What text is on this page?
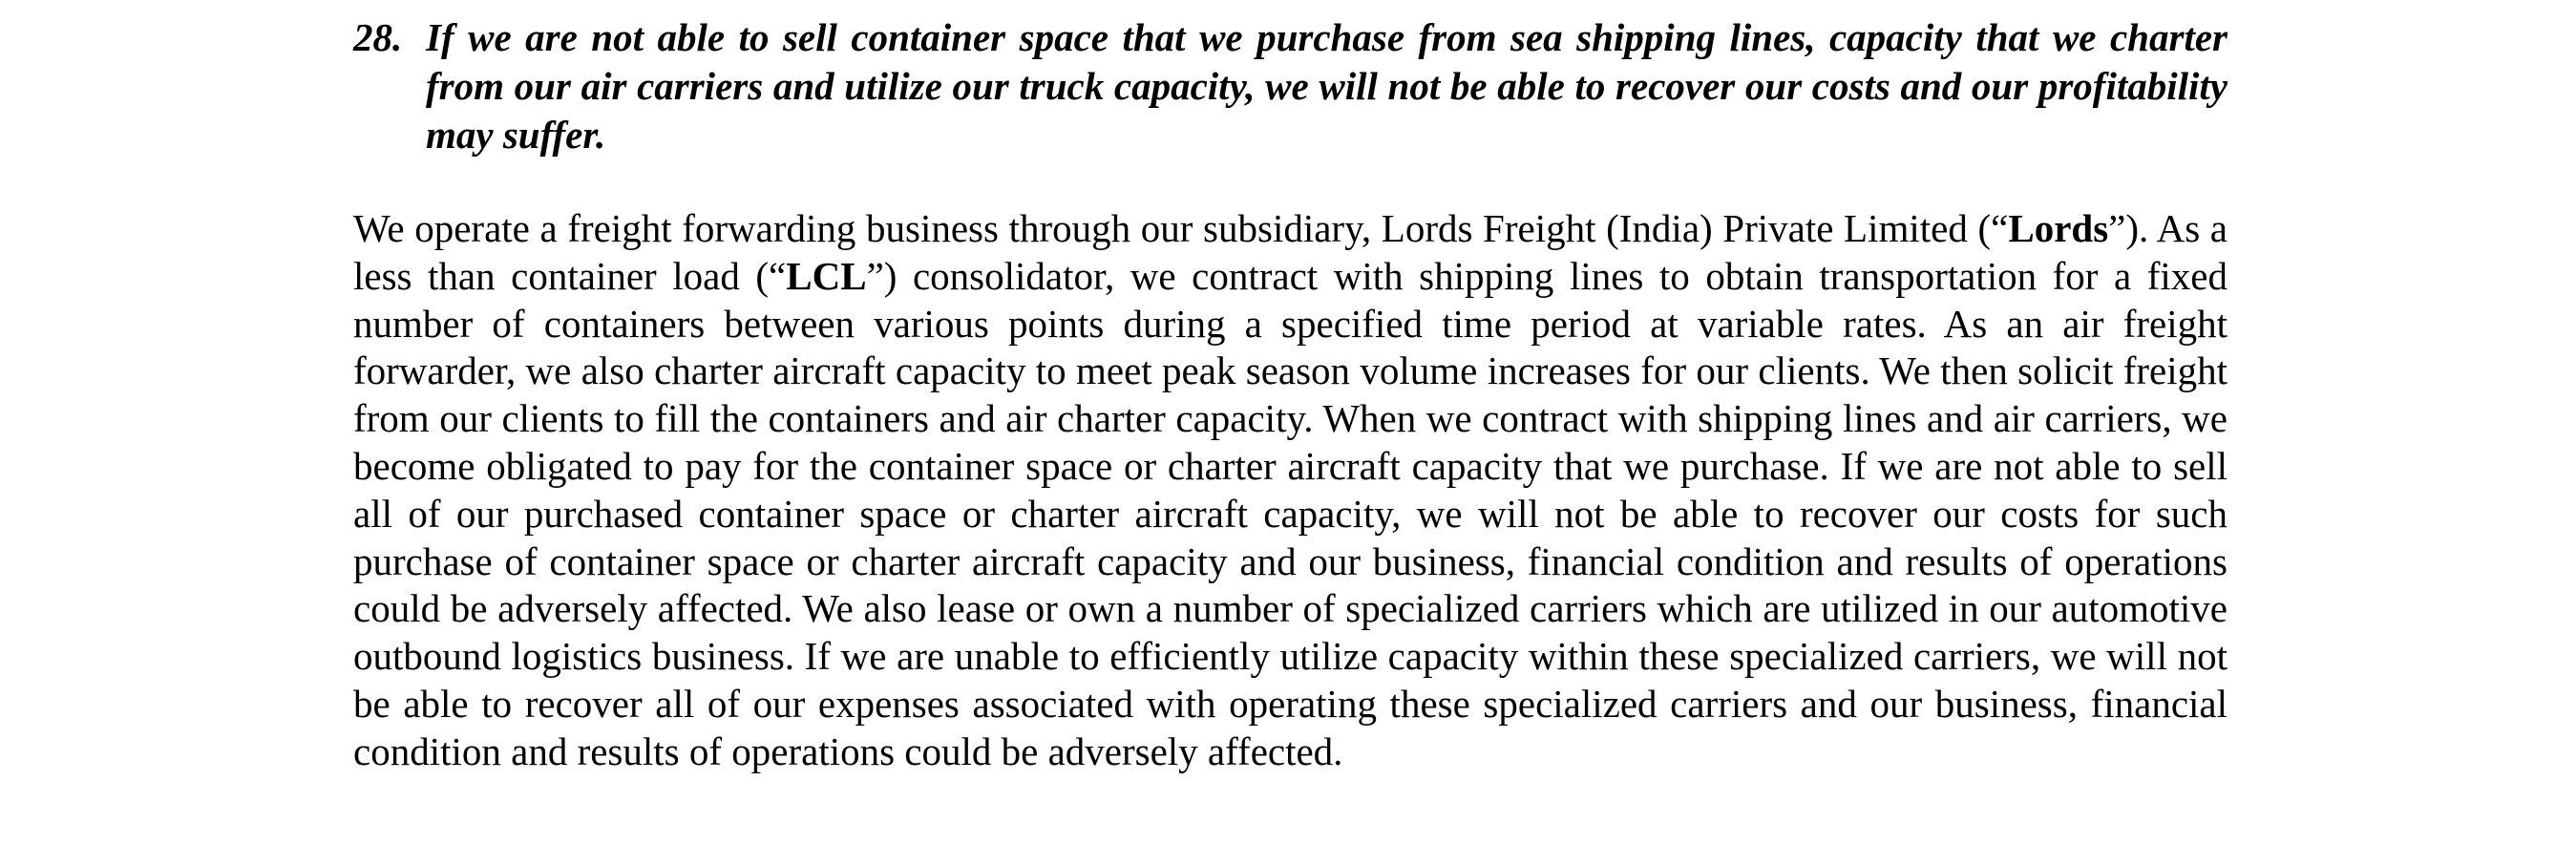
28. If we are not able to sell container space that we purchase from sea shipping lines, capacity that we charter from our air carriers and utilize our truck capacity, we will not be able to recover our costs and our profitability may suffer.

We operate a freight forwarding business through our subsidiary, Lords Freight (India) Private Limited (“Lords”). As a less than container load (“LCL”) consolidator, we contract with shipping lines to obtain transportation for a fixed number of containers between various points during a specified time period at variable rates. As an air freight forwarder, we also charter aircraft capacity to meet peak season volume increases for our clients. We then solicit freight from our clients to fill the containers and air charter capacity. When we contract with shipping lines and air carriers, we become obligated to pay for the container space or charter aircraft capacity that we purchase. If we are not able to sell all of our purchased container space or charter aircraft capacity, we will not be able to recover our costs for such purchase of container space or charter aircraft capacity and our business, financial condition and results of operations could be adversely affected. We also lease or own a number of specialized carriers which are utilized in our automotive outbound logistics business. If we are unable to efficiently utilize capacity within these specialized carriers, we will not be able to recover all of our expenses associated with operating these specialized carriers and our business, financial condition and results of operations could be adversely affected.
